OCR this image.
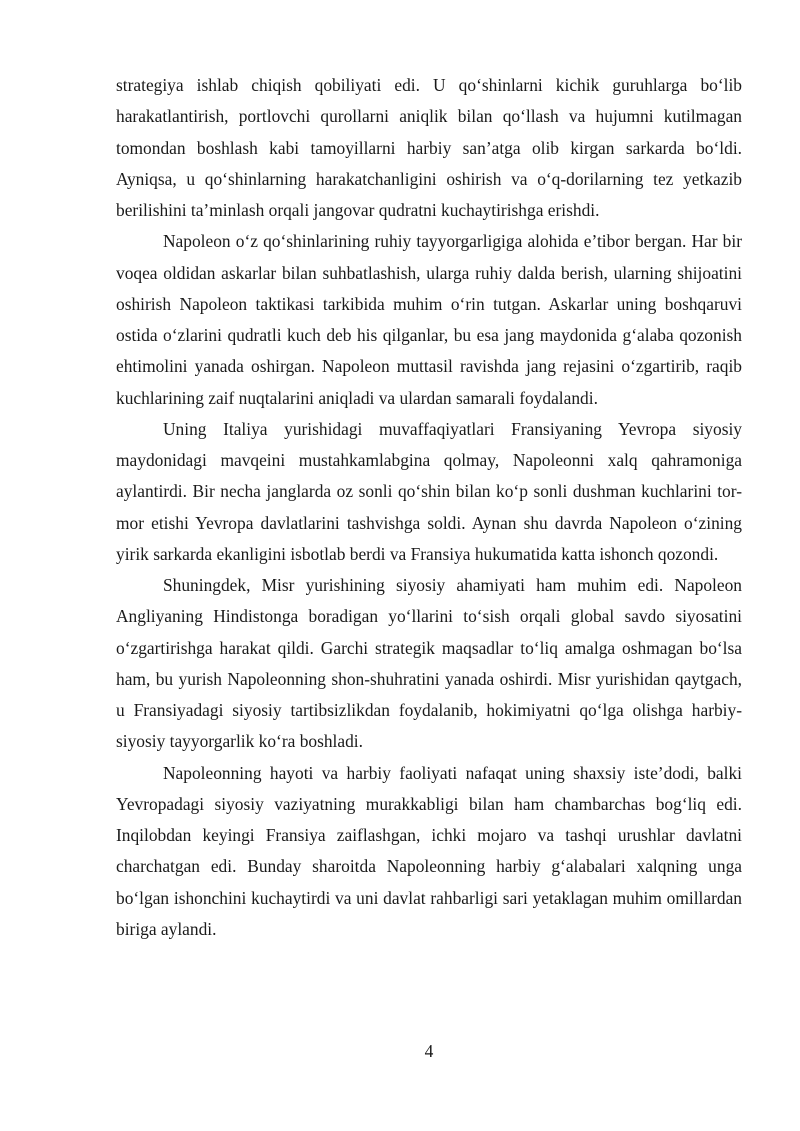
strategiya ishlab chiqish qobiliyati edi. U qo‘shinlarni kichik guruhlarga bo‘lib harakatlantirish, portlovchi qurollarni aniqlik bilan qo‘llash va hujumni kutilmagan tomondan boshlash kabi tamoyillarni harbiy san’atga olib kirgan sarkarda bo‘ldi. Ayniqsa, u qo‘shinlarning harakatchanligini oshirish va o‘q-dorilarning tez yetkazib berilishini ta’minlash orqali jangovar qudratni kuchaytirishga erishdi.

Napoleon o‘z qo‘shinlarining ruhiy tayyorgarligiga alohida e’tibor bergan. Har bir voqea oldidan askarlar bilan suhbatlashish, ularga ruhiy dalda berish, ularning shijoatini oshirish Napoleon taktikasi tarkibida muhim o‘rin tutgan. Askarlar uning boshqaruvi ostida o‘zlarini qudratli kuch deb his qilganlar, bu esa jang maydonida g‘alaba qozonish ehtimolini yanada oshirgan. Napoleon muttasil ravishda jang rejasini o‘zgartirib, raqib kuchlarining zaif nuqtalarini aniqladi va ulardan samarali foydalandi.

Uning Italiya yurishidagi muvaffaqiyatlari Fransiyaning Yevropa siyosiy maydonidagi mavqeini mustahkamlabgina qolmay, Napoleonni xalq qahramoniga aylantirdi. Bir necha janglarda oz sonli qo‘shin bilan ko‘p sonli dushman kuchlarini tor-mor etishi Yevropa davlatlarini tashvishga soldi. Aynan shu davrda Napoleon o‘zining yirik sarkarda ekanligini isbotlab berdi va Fransiya hukumatida katta ishonch qozondi.

Shuningdek, Misr yurishining siyosiy ahamiyati ham muhim edi. Napoleon Angliyaning Hindistonga boradigan yo‘llarini to‘sish orqali global savdo siyosatini o‘zgartirishga harakat qildi. Garchi strategik maqsadlar to‘liq amalga oshmagan bo‘lsa ham, bu yurish Napoleonning shon-shuhratini yanada oshirdi. Misr yurishidan qaytgach, u Fransiyadagi siyosiy tartibsizlikdan foydalanib, hokimiyatni qo‘lga olishga harbiy-siyosiy tayyorgarlik ko‘ra boshladi.

Napoleonning hayoti va harbiy faoliyati nafaqat uning shaxsiy iste’dodi, balki Yevropadagi siyosiy vaziyatning murakkabligi bilan ham chambarchas bog‘liq edi. Inqilobdan keyingi Fransiya zaiflashgan, ichki mojaro va tashqi urushlar davlatni charchatgan edi. Bunday sharoitda Napoleonning harbiy g‘alabalari xalqning unga bo‘lgan ishonchini kuchaytirdi va uni davlat rahbarligi sari yetaklagan muhim omillardan biriga aylandi.

4
